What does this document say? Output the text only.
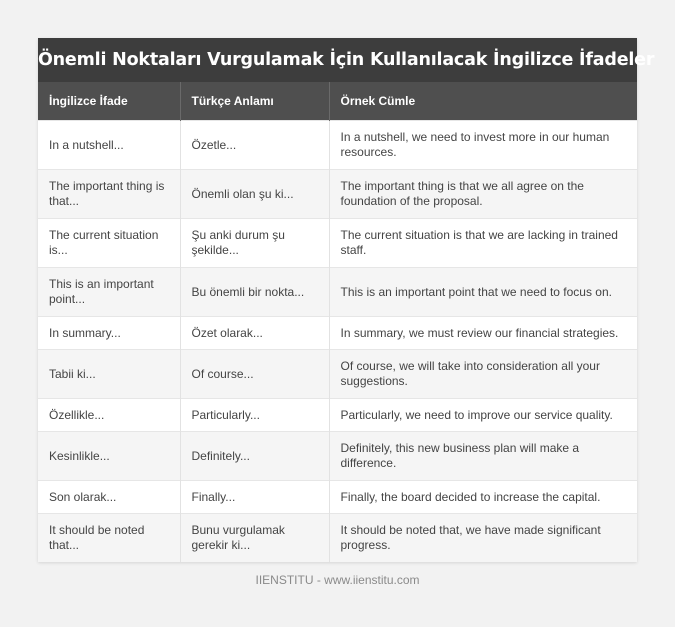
Önemli Noktaları Vurgulamak İçin Kullanılacak İngilizce İfadeler
İngilizce İfade	Türkçe Anlamı	Örnek Cümle
In a nutshell...	Özetle...	In a nutshell, we need to invest more in our human resources.
The important thing is that...	Önemli olan şu ki...	The important thing is that we all agree on the foundation of the proposal.
The current situation is...	Şu anki durum şu şekilde...	The current situation is that we are lacking in trained staff.
This is an important point...	Bu önemli bir nokta...	This is an important point that we need to focus on.
In summary...	Özet olarak...	In summary, we must review our financial strategies.
Tabii ki...	Of course...	Of course, we will take into consideration all your suggestions.
Özellikle...	Particularly...	Particularly, we need to improve our service quality.
Kesinlikle...	Definitely...	Definitely, this new business plan will make a difference.
Son olarak...	Finally...	Finally, the board decided to increase the capital.
It should be noted that...	Bunu vurgulamak gerekir ki...	It should be noted that, we have made significant progress.
IIENSTITU - www.iienstitu.com
